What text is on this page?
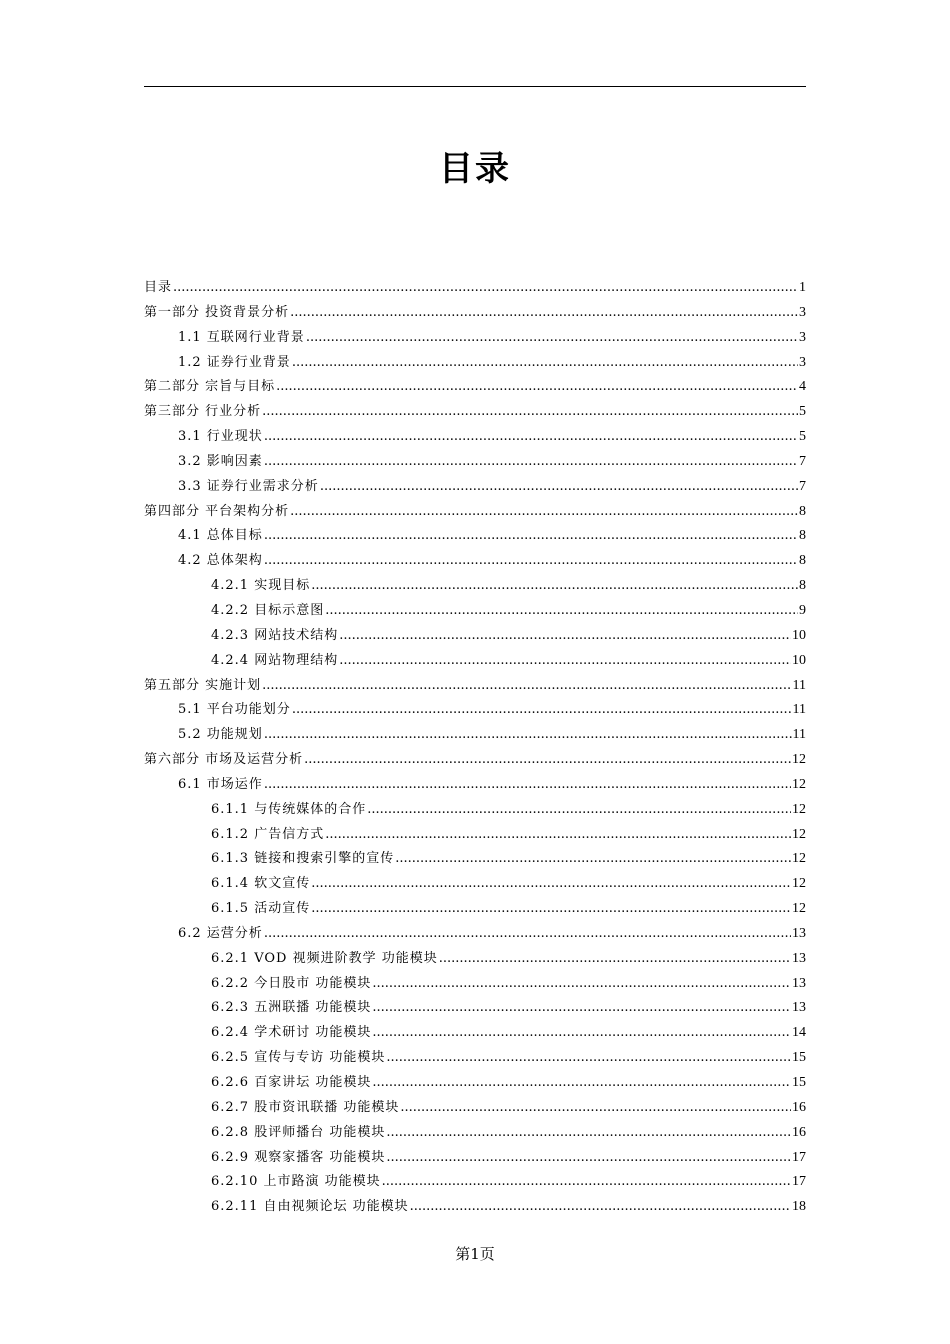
目录
目录 .....	1
第一部分 投资背景分析 .....	3
1.1 互联网行业背景 .....	3
1.2 证券行业背景 .....	3
第二部分 宗旨与目标 .....	4
第三部分 行业分析 .....	5
3.1 行业现状 .....	5
3.2 影响因素 .....	7
3.3 证券行业需求分析 .....	7
第四部分 平台架构分析 .....	8
4.1 总体目标 .....	8
4.2 总体架构 .....	8
4.2.1 实现目标 .....	8
4.2.2 目标示意图 .....	9
4.2.3 网站技术结构 .....	10
4.2.4 网站物理结构 .....	10
第五部分 实施计划 .....	11
5.1 平台功能划分 .....	11
5.2 功能规划 .....	11
第六部分 市场及运营分析 .....	12
6.1 市场运作 .....	12
6.1.1 与传统媒体的合作 .....	12
6.1.2 广告信方式 .....	12
6.1.3 链接和搜索引擎的宣传 .....	12
6.1.4 软文宣传 .....	12
6.1.5 活动宣传 .....	12
6.2 运营分析 .....	13
6.2.1 VOD 视频进阶教学 功能模块 .....	13
6.2.2 今日股市 功能模块 .....	13
6.2.3 五洲联播 功能模块 .....	13
6.2.4 学术研讨 功能模块 .....	14
6.2.5 宣传与专访 功能模块 .....	15
6.2.6 百家讲坛 功能模块 .....	15
6.2.7 股市资讯联播 功能模块 .....	16
6.2.8 股评师播台 功能模块 .....	16
6.2.9 观察家播客 功能模块 .....	17
6.2.10 上市路演 功能模块 .....	17
6.2.11 自由视频论坛 功能模块 .....	18
第1页
